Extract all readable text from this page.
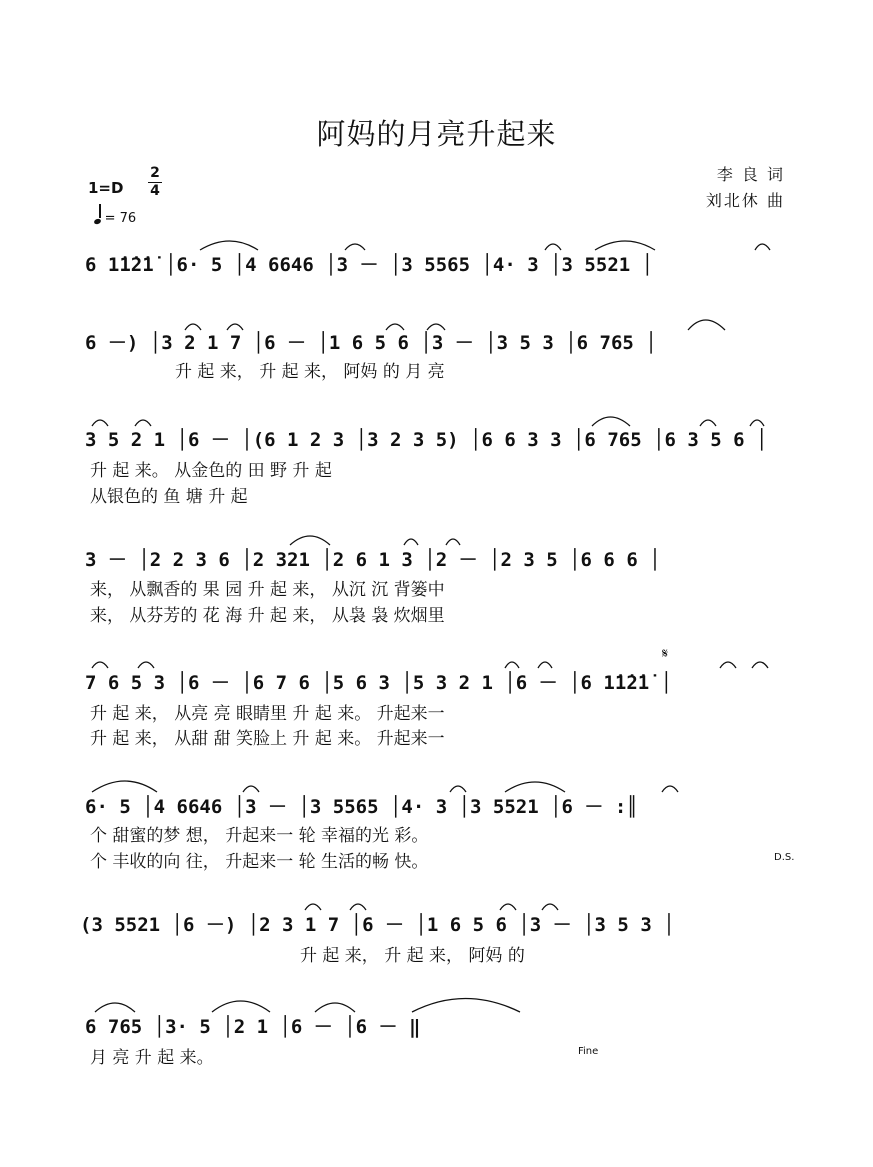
阿妈的月亮升起来
李 良 词
刘北休 曲
1=D
2
4
= 76
6 1̇1̇2̇1̇ │6· 5 │4 6646 │3 － │3 5565 │4· 3 │3 5521 │
6 －) │3 2 1 7 │6 － │1 6 5 6 │3 － │3 5 3 │6 765 │
升 起 来， 升 起 来， 阿妈 的 月 亮
3 5 2 1 │6 － │(6 1 2 3 │3 2 3 5) │6 6 3 3 │6 765 │6 3 5 6 │
升 起 来。 从金色的 田 野 升 起
从银色的 鱼 塘 升 起
3 － │2 2 3 6 │2 321 │2 6 1 3 │2 － │2 3 5 │6 6 6 │
来， 从飘香的 果 园 升 起 来， 从沉 沉 背篓中
来， 从芬芳的 花 海 升 起 来， 从袅 袅 炊烟里
7 6 5 3 │6 － │6 7 6 │5 6 3 │5 3 2 1 │6 － │6 1̇1̇2̇1̇ │
升 起 来， 从亮 亮 眼睛里 升 起 来。 升起来一
升 起 来， 从甜 甜 笑脸上 升 起 来。 升起来一
𝄋
6· 5 │4 6646 │3 － │3 5565 │4· 3 │3 5521 │6 － :║
个 甜蜜的梦 想， 升起来一 轮 幸福的光 彩。
个 丰收的向 往， 升起来一 轮 生活的畅 快。	D.S.
(3 5521 │6 －) │2 3 1 7 │6 － │1 6 5 6 │3 － │3 5 3 │
升 起 来， 升 起 来， 阿妈 的
6 765 │3· 5 │2 1 │6 － │6 － ‖
月 亮 升 起 来。	Fine
